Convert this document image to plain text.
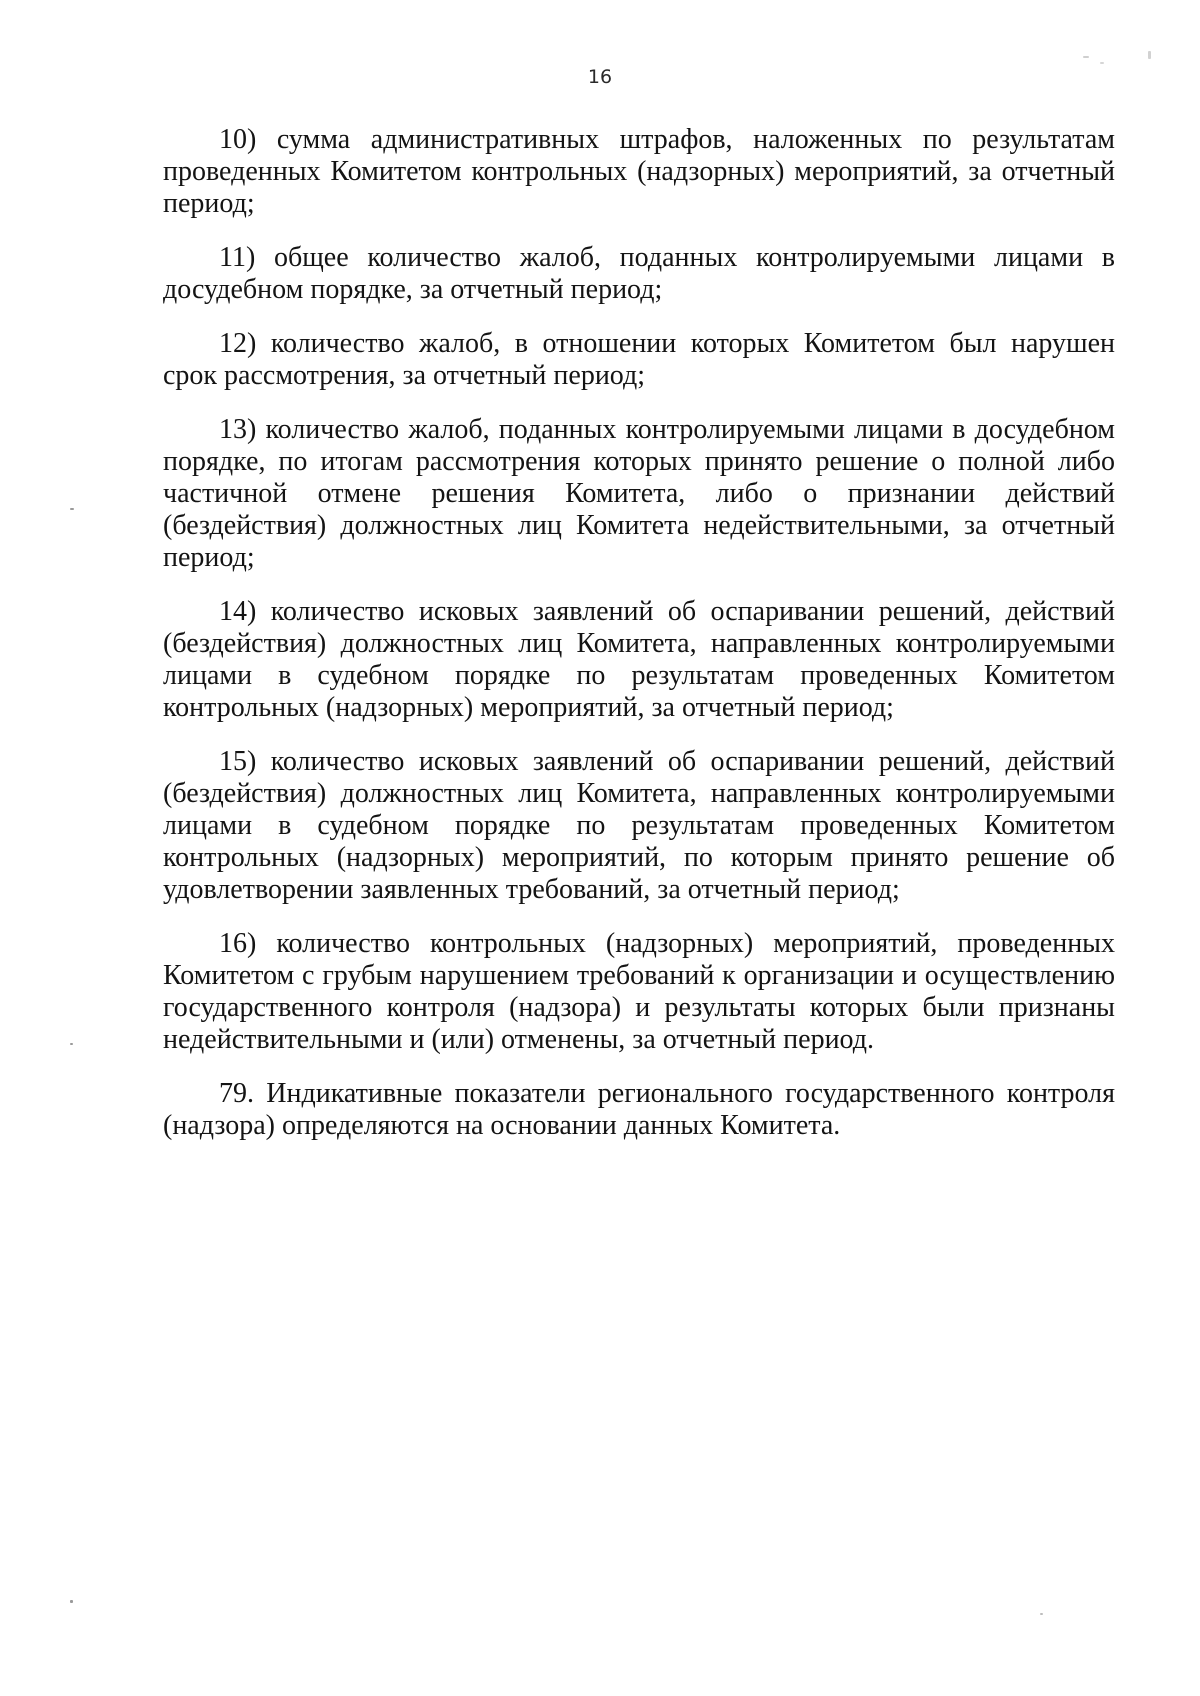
16

10) сумма административных штрафов, наложенных по результатам проведенных Комитетом контрольных (надзорных) мероприятий, за отчетный период;

11) общее количество жалоб, поданных контролируемыми лицами в досудебном порядке, за отчетный период;

12) количество жалоб, в отношении которых Комитетом был нарушен срок рассмотрения, за отчетный период;

13) количество жалоб, поданных контролируемыми лицами в досудебном порядке, по итогам рассмотрения которых принято решение о полной либо частичной отмене решения Комитета, либо о признании действий (бездействия) должностных лиц Комитета недействительными, за отчетный период;

14) количество исковых заявлений об оспаривании решений, действий (бездействия) должностных лиц Комитета, направленных контролируемыми лицами в судебном порядке по результатам проведенных Комитетом контрольных (надзорных) мероприятий, за отчетный период;

15) количество исковых заявлений об оспаривании решений, действий (бездействия) должностных лиц Комитета, направленных контролируемыми лицами в судебном порядке по результатам проведенных Комитетом контрольных (надзорных) мероприятий, по которым принято решение об удовлетворении заявленных требований, за отчетный период;

16) количество контрольных (надзорных) мероприятий, проведенных Комитетом с грубым нарушением требований к организации и осуществлению государственного контроля (надзора) и результаты которых были признаны недействительными и (или) отменены, за отчетный период.

79. Индикативные показатели регионального государственного контроля (надзора) определяются на основании данных Комитета.
